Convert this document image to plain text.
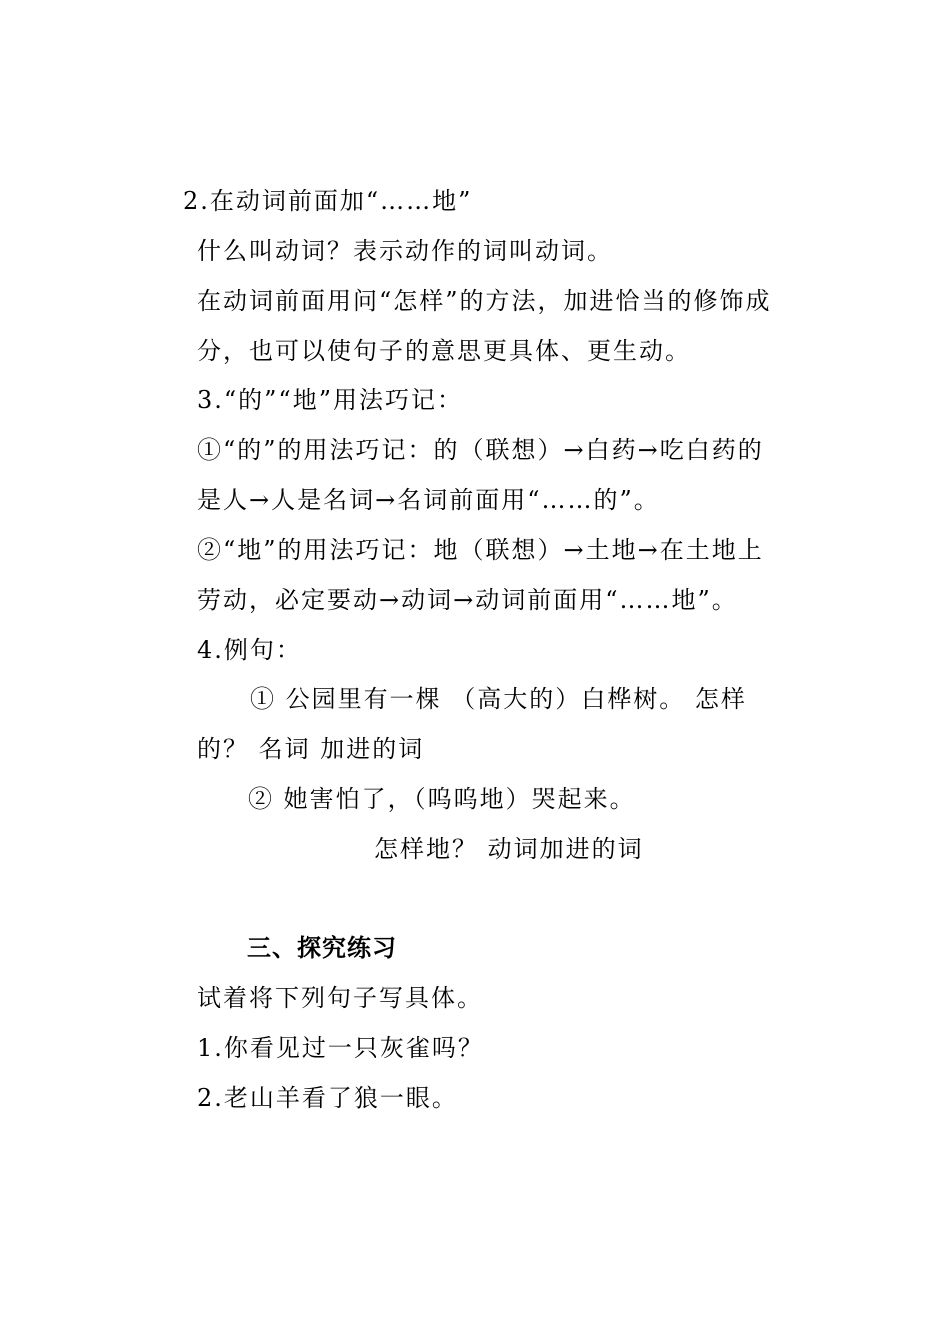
2.在动词前面加“……地”
什么叫动词？表示动作的词叫动词。
在动词前面用问“怎样”的方法，加进恰当的修饰成
分，也可以使句子的意思更具体、更生动。
3.“的”“地”用法巧记：
①“的”的用法巧记：的（联想）→白药→吃白药的
是人→人是名词→名词前面用“……的”。
②“地”的用法巧记：地（联想）→土地→在土地上
劳动，必定要动→动词→动词前面用“……地”。
4.例句：
① 公园里有一棵 （高大的）白桦树。 怎样
的？ 名词 加进的词
② 她害怕了，（呜呜地）哭起来。
怎样地？ 动词加进的词
三、探究练习
试着将下列句子写具体。
1.你看见过一只灰雀吗？
2.老山羊看了狼一眼。
